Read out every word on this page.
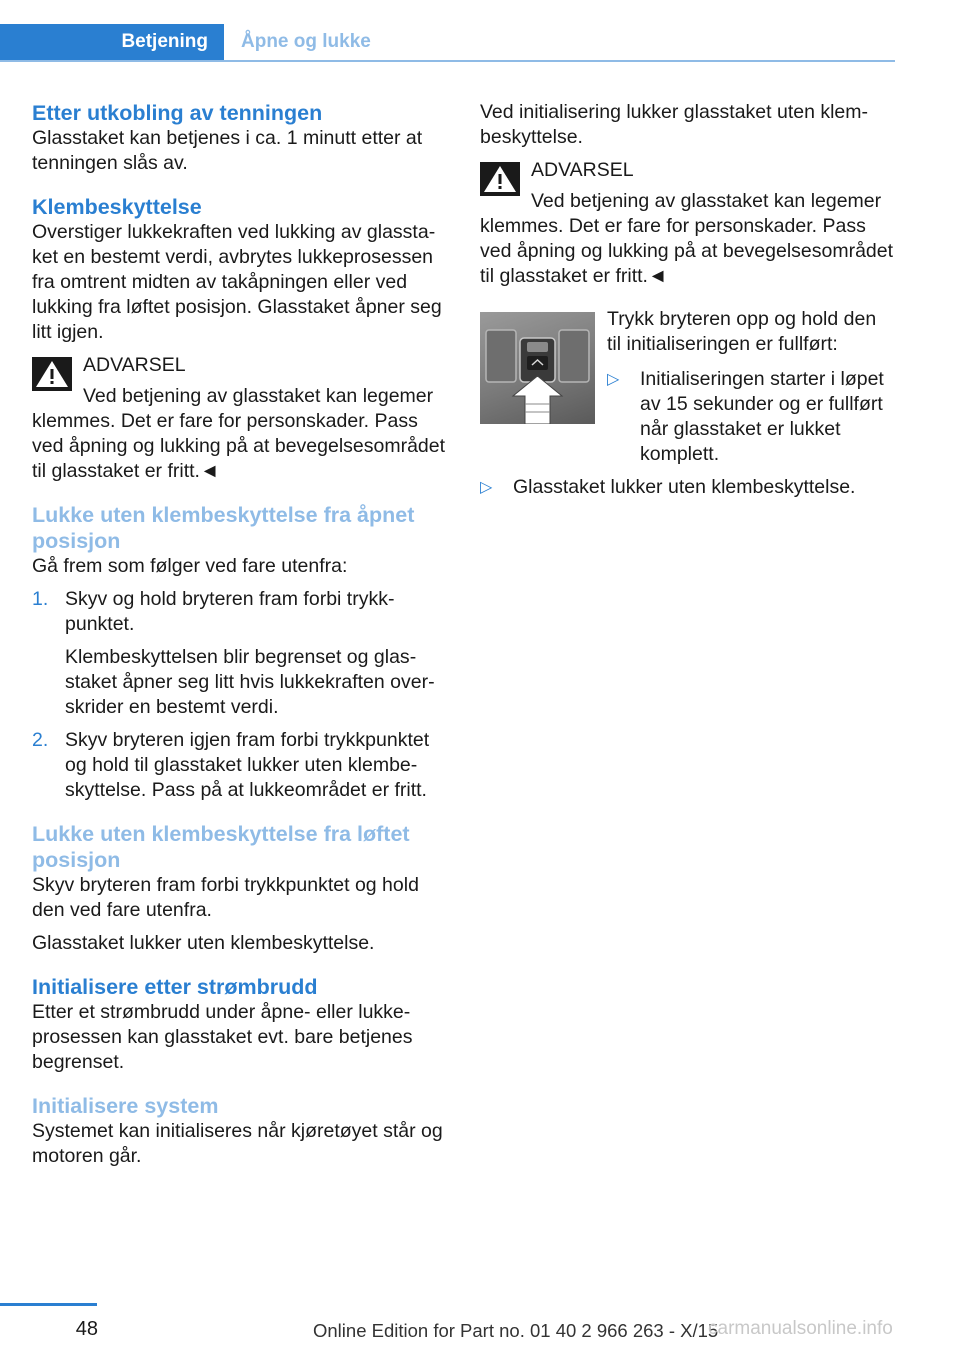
Betjening	Åpne og lukke
Etter utkobling av tenningen

Glasstaket kan betjenes i ca. 1 minutt etter at tenningen slås av.

Klembeskyttelse

Overstiger lukkekraften ved lukking av glasstaket en bestemt verdi, avbrytes lukkeprosessen fra omtrent midten av takåpningen eller ved lukking fra løftet posisjon. Glasstaket åpner seg litt igjen.

ADVARSEL

Ved betjening av glasstaket kan legemer

klemmes. Det er fare for personskader. Pass ved åpning og lukking på at bevegelsesområdet til glasstaket er fritt.◄

Lukke uten klembeskyttelse fra åpnet posisjon

Gå frem som følger ved fare utenfra:

1. Skyv og hold bryteren fram forbi trykkpunktet.

Klembeskyttelsen blir begrenset og glasstaket åpner seg litt hvis lukkekraften overskrider en bestemt verdi.

2. Skyv bryteren igjen fram forbi trykkpunktet og hold til glasstaket lukker uten klembeskyttelse. Pass på at lukkeområdet er fritt.

Lukke uten klembeskyttelse fra løftet posisjon

Skyv bryteren fram forbi trykkpunktet og hold den ved fare utenfra.

Glasstaket lukker uten klembeskyttelse.

Initialisere etter strømbrudd

Etter et strømbrudd under åpne- eller lukkeprosessen kan glasstaket evt. bare betjenes begrenset.

Initialisere system

Systemet kan initialiseres når kjøretøyet står og motoren går.

Ved initialisering lukker glasstaket uten klembeskyttelse.

ADVARSEL

Ved betjening av glasstaket kan legemer

klemmes. Det er fare for personskader. Pass ved åpning og lukking på at bevegelsesområdet til glasstaket er fritt.◄

Trykk bryteren opp og hold den til initialiseringen er fullført:

▷ Initialiseringen starter i løpet av 15 sekunder og er fullført når glasstaket er lukket komplett.

▷ Glasstaket lukker uten klembeskyttelse.

48	Online Edition for Part no. 01 40 2 966 263 - X/15
carmanualsonline.info
